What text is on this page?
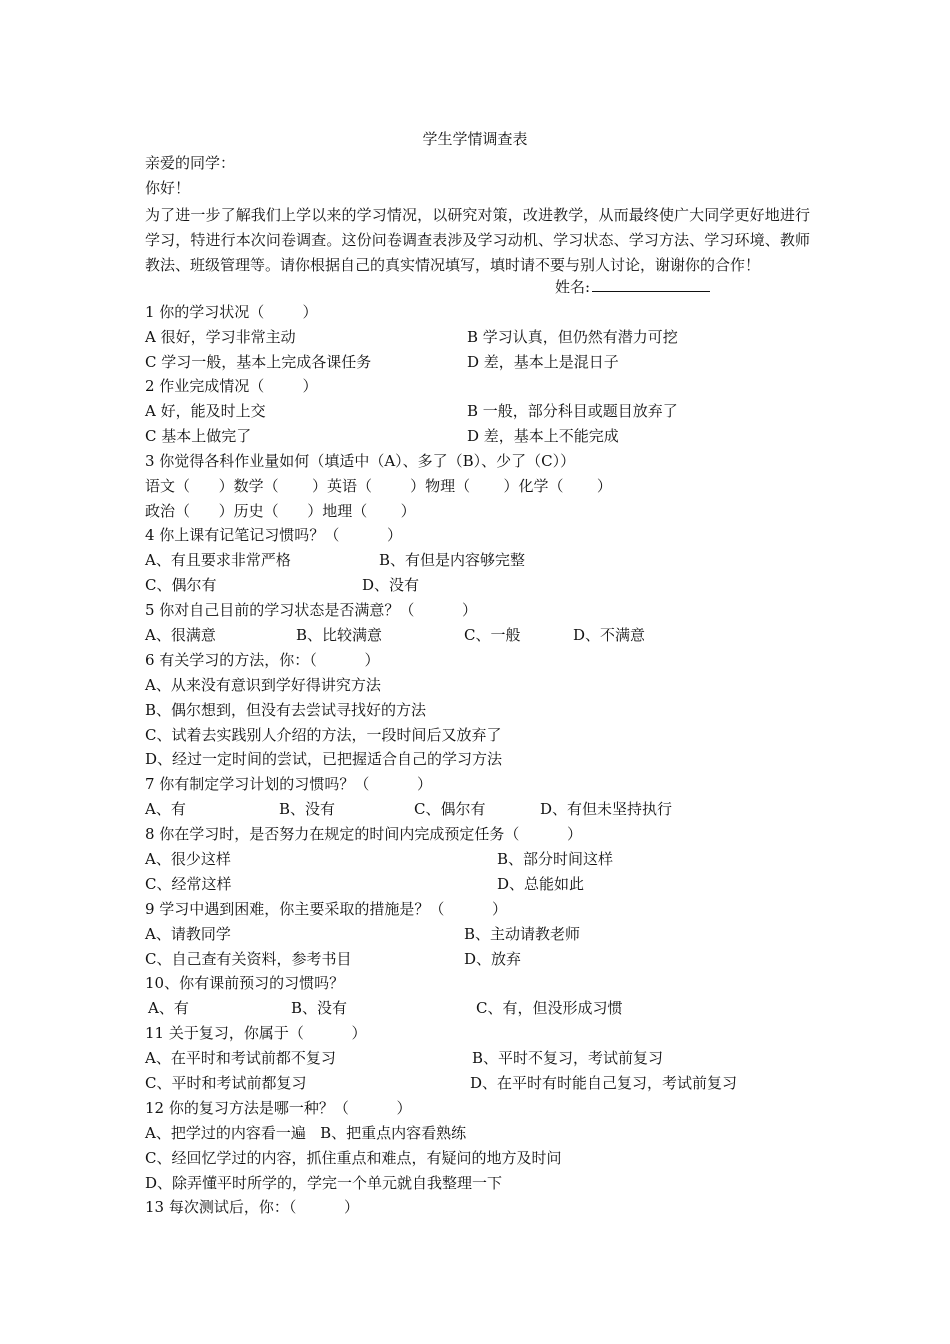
学生学情调查表
亲爱的同学：
你好！
为了进一步了解我们上学以来的学习情况，以研究对策，改进教学，从而最终使广大同学更好地进行学习，特进行本次问卷调查。这份问卷调查表涉及学习动机、学习状态、学习方法、学习环境、教师教法、班级管理等。请你根据自己的真实情况填写，填时请不要与别人讨论，谢谢你的合作！
姓名:
1 你的学习状况（        ）
A 很好，学习非常主动	B 学习认真，但仍然有潜力可挖
C 学习一般，基本上完成各课任务	D 差，基本上是混日子
2 作业完成情况（        ）
A 好，能及时上交	B 一般，部分科目或题目放弃了
C 基本上做完了	D 差，基本上不能完成
3 你觉得各科作业量如何（填适中（A）、多了（B）、少了（C））
语文（      ）数学（       ）英语（        ）物理（       ）化学（       ）
政治（      ）历史（      ）地理（       ）
4 你上课有记笔记习惯吗？（          ）
A、有且要求非常严格	B、有但是内容够完整
C、偶尔有	D、没有
5 你对自己目前的学习状态是否满意？（          ）
A、很满意	B、比较满意	C、一般	D、不满意
6 有关学习的方法，你：（          ）
A、从来没有意识到学好得讲究方法
B、偶尔想到，但没有去尝试寻找好的方法
C、试着去实践别人介绍的方法，一段时间后又放弃了
D、经过一定时间的尝试，已把握适合自己的学习方法
7 你有制定学习计划的习惯吗？（          ）
A、有	B、没有	C、偶尔有	D、有但未坚持执行
8 你在学习时，是否努力在规定的时间内完成预定任务（          ）
A、很少这样	B、部分时间这样
C、经常这样	D、总能如此
9 学习中遇到困难，你主要采取的措施是？（          ）
A、请教同学	B、主动请教老师
C、自己查有关资料，参考书目	D、放弃
10、你有课前预习的习惯吗？
A、有	B、没有	C、有，但没形成习惯
11 关于复习，你属于（          ）
A、在平时和考试前都不复习	B、平时不复习，考试前复习
C、平时和考试前都复习	D、在平时有时能自己复习，考试前复习
12 你的复习方法是哪一种？（          ）
A、把学过的内容看一遍   B、把重点内容看熟练
C、经回忆学过的内容，抓住重点和难点，有疑问的地方及时问
D、除弄懂平时所学的，学完一个单元就自我整理一下
13 每次测试后，你：（          ）
